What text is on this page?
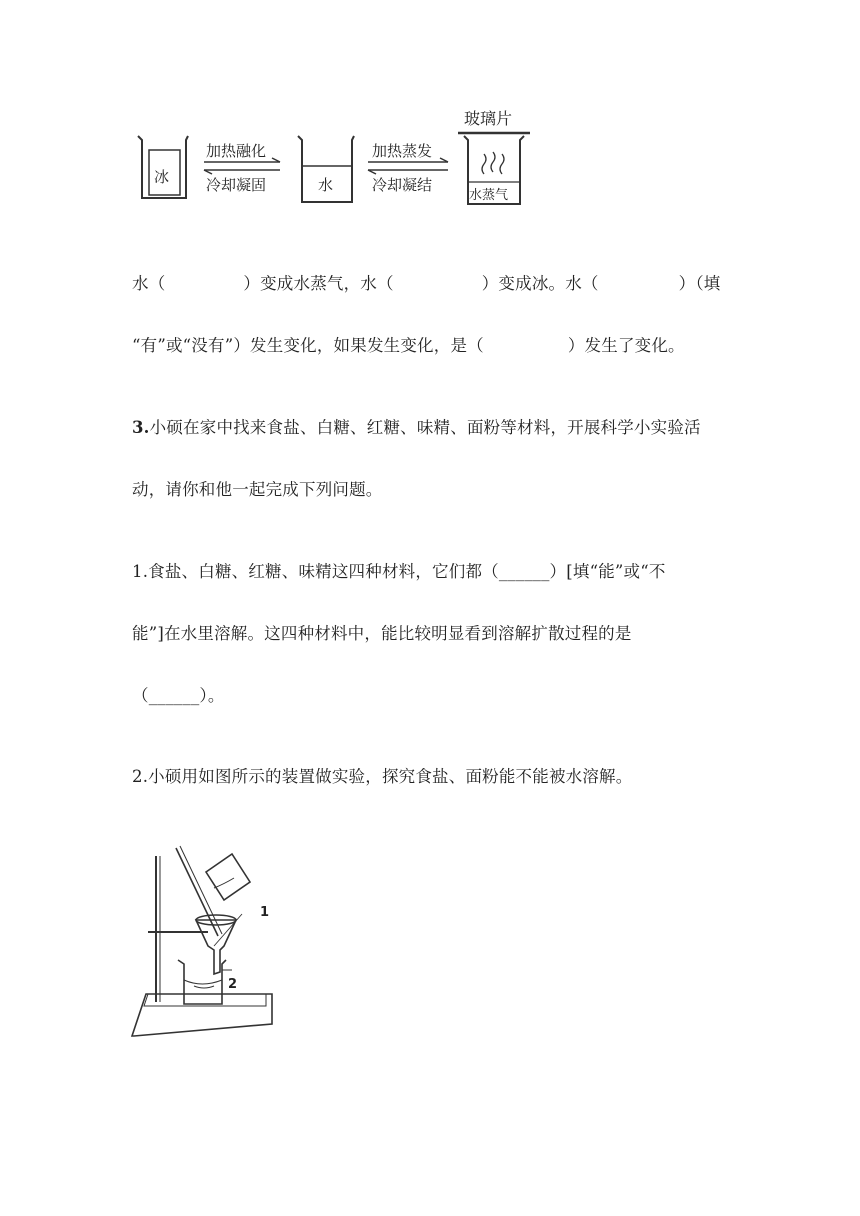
冰
加热融化
冷却凝固	水
加热蒸发
冷却凝结
玻璃片
水蒸气
水（	）变成水蒸气，水（	）变成冰。水（	）（填
“有”或“没有”）发生变化，如果发生变化，是（	）发生了变化。
3.小硕在家中找来食盐、白糖、红糖、味精、面粉等材料，开展科学小实验活
动，请你和他一起完成下列问题。
1.食盐、白糖、红糖、味精这四种材料，它们都（______）[填“能”或“不
能”]在水里溶解。这四种材料中，能比较明显看到溶解扩散过程的是
（______）。
2.小硕用如图所示的装置做实验，探究食盐、面粉能不能被水溶解。
1
2
